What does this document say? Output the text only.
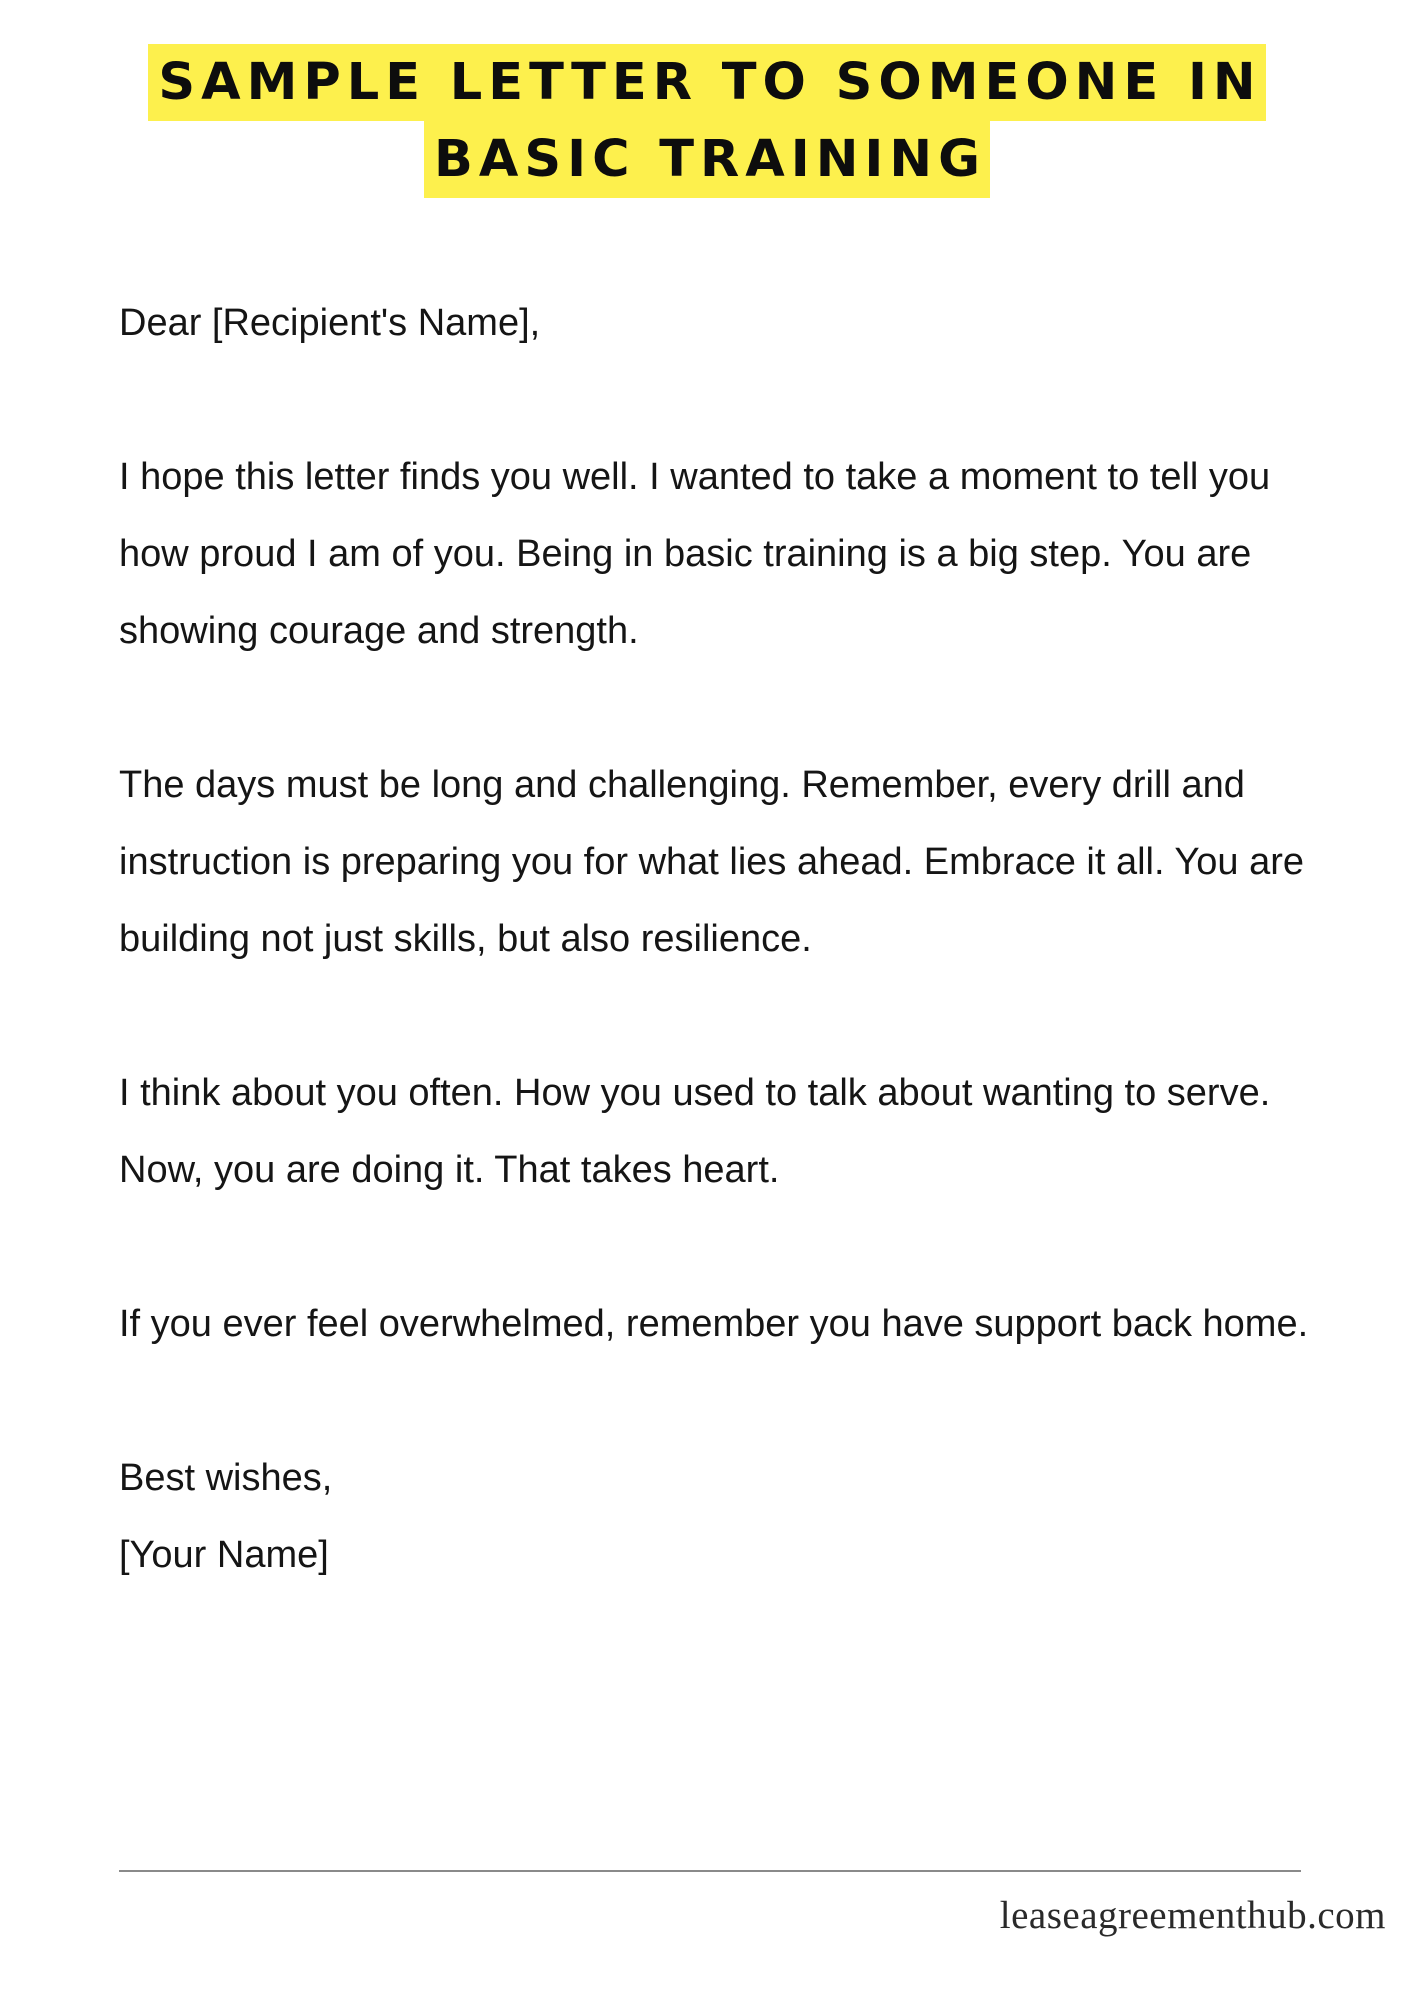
SAMPLE LETTER TO SOMEONE IN
BASIC TRAINING

Dear [Recipient's Name],

I hope this letter finds you well. I wanted to take a moment to tell you how proud I am of you. Being in basic training is a big step. You are showing courage and strength.

The days must be long and challenging. Remember, every drill and instruction is preparing you for what lies ahead. Embrace it all. You are building not just skills, but also resilience.

I think about you often. How you used to talk about wanting to serve. Now, you are doing it. That takes heart.

If you ever feel overwhelmed, remember you have support back home.

Best wishes,

[Your Name]

leaseagreementhub.com
